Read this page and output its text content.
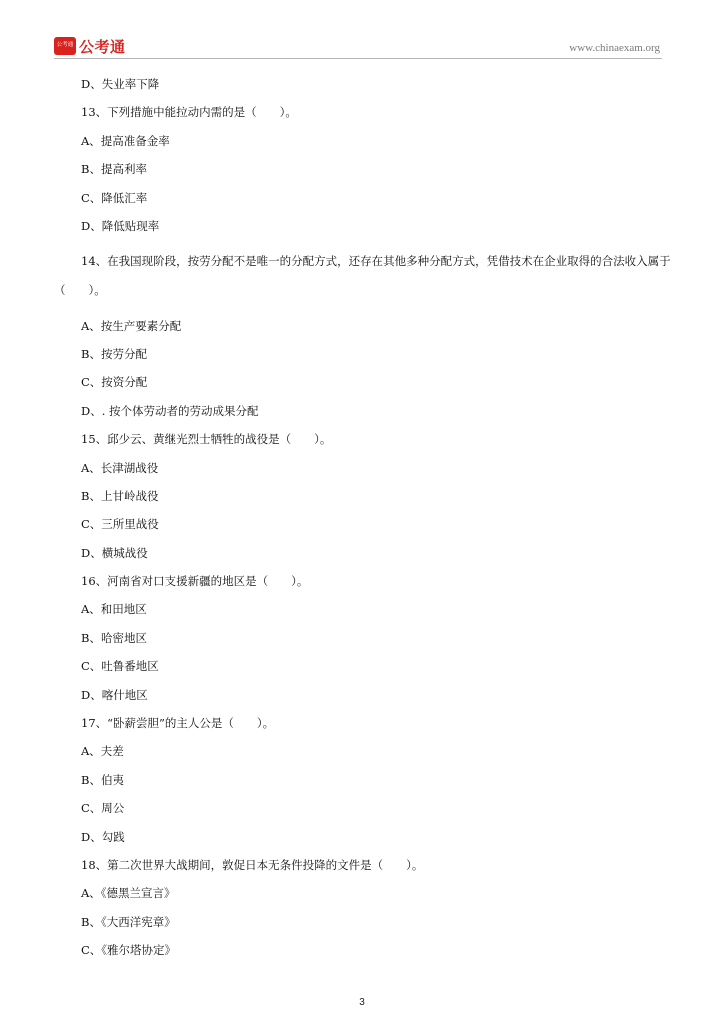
公考通 公考通	www.chinaexam.org
D、失业率下降
13、下列措施中能拉动内需的是（　　）。
A、提高准备金率
B、提高利率
C、降低汇率
D、降低贴现率
14、在我国现阶段，按劳分配不是唯一的分配方式，还存在其他多种分配方式，凭借技术在企业取得的合法收入属于（　　）。
A、按生产要素分配
B、按劳分配
C、按资分配
D、. 按个体劳动者的劳动成果分配
15、邱少云、黄继光烈士牺牲的战役是（　　）。
A、长津湖战役
B、上甘岭战役
C、三所里战役
D、横城战役
16、河南省对口支援新疆的地区是（　　）。
A、和田地区
B、哈密地区
C、吐鲁番地区
D、喀什地区
17、“卧薪尝胆”的主人公是（　　）。
A、夫差
B、伯夷
C、周公
D、勾践
18、第二次世界大战期间，敦促日本无条件投降的文件是（　　）。
A、《德黑兰宣言》
B、《大西洋宪章》
C、《雅尔塔协定》
3
